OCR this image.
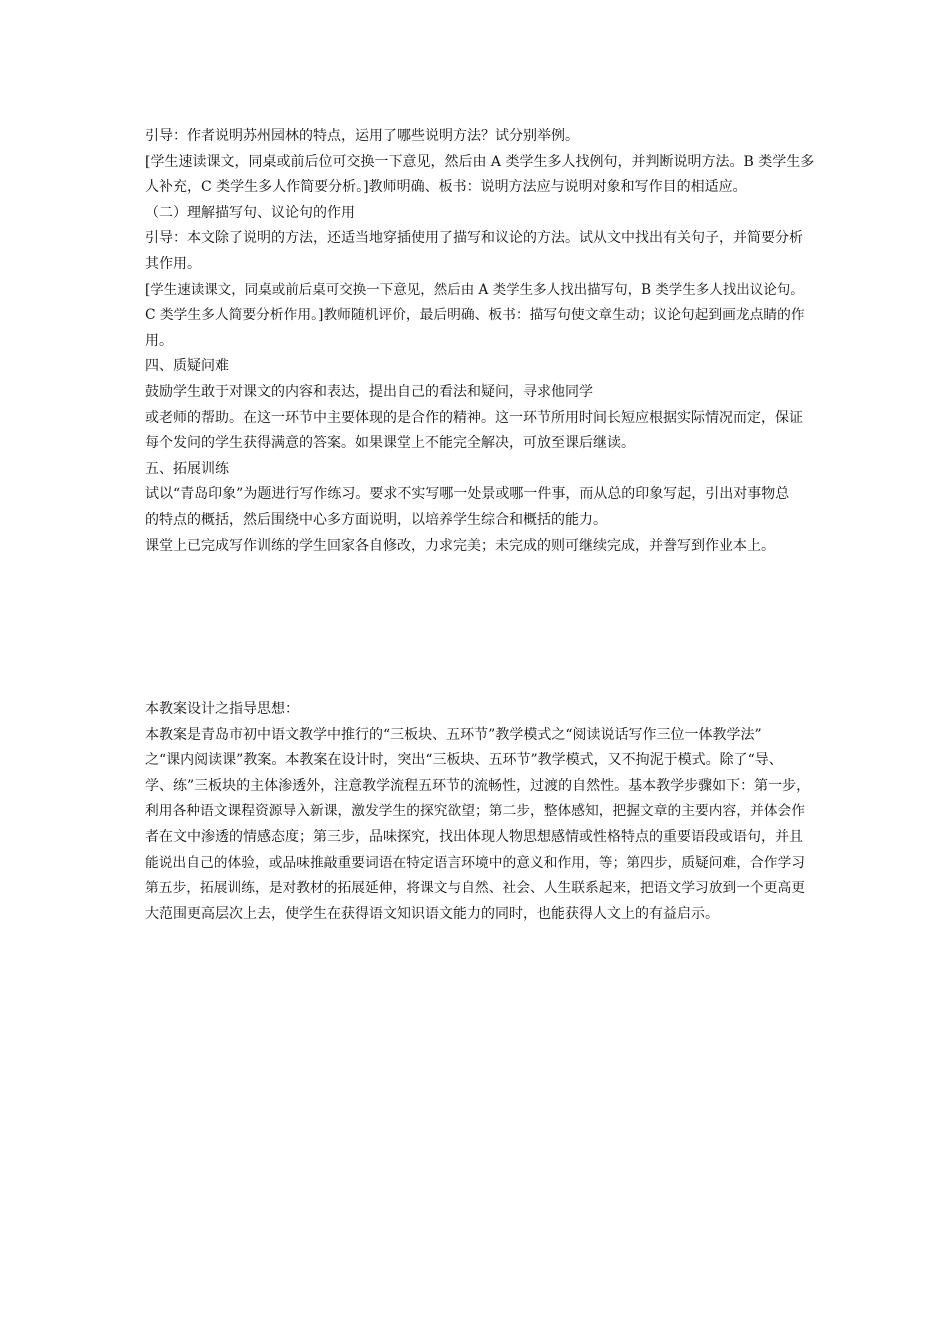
引导：作者说明苏州园林的特点，运用了哪些说明方法？试分别举例。
[学生速读课文，同桌或前后位可交换一下意见，然后由 A 类学生多人找例句，并判断说明方法。B 类学生多
人补充，C 类学生多人作简要分析。]教师明确、板书：说明方法应与说明对象和写作目的相适应。
（二）理解描写句、议论句的作用
引导：本文除了说明的方法，还适当地穿插使用了描写和议论的方法。试从文中找出有关句子，并简要分析
其作用。
[学生速读课文，同桌或前后桌可交换一下意见，然后由 A 类学生多人找出描写句，B 类学生多人找出议论句。
C 类学生多人简要分析作用。]教师随机评价，最后明确、板书：描写句使文章生动；议论句起到画龙点睛的作
用。
四、质疑问难
鼓励学生敢于对课文的内容和表达，提出自己的看法和疑问，寻求他同学
或老师的帮助。在这一环节中主要体现的是合作的精神。这一环节所用时间长短应根据实际情况而定，保证
每个发问的学生获得满意的答案。如果课堂上不能完全解决，可放至课后继读。
五、拓展训练
试以“青岛印象”为题进行写作练习。要求不实写哪一处景或哪一件事，而从总的印象写起，引出对事物总
的特点的概括，然后围绕中心多方面说明，以培养学生综合和概括的能力。
课堂上已完成写作训练的学生回家各自修改，力求完美；未完成的则可继续完成，并誊写到作业本上。
本教案设计之指导思想：
本教案是青岛市初中语文教学中推行的“三板块、五环节”教学模式之“阅读说话写作三位一体教学法”
之“课内阅读课”教案。本教案在设计时，突出“三板块、五环节”教学模式，又不拘泥于模式。除了“导、
学、练”三板块的主体渗透外，注意教学流程五环节的流畅性，过渡的自然性。基本教学步骤如下：第一步，
利用各种语文课程资源导入新课，激发学生的探究欲望；第二步，整体感知，把握文章的主要内容，并体会作
者在文中渗透的情感态度；第三步，品味探究，找出体现人物思想感情或性格特点的重要语段或语句，并且
能说出自己的体验，或品味推敲重要词语在特定语言环境中的意义和作用，等；第四步，质疑问难，合作学习
第五步，拓展训练，是对教材的拓展延伸，将课文与自然、社会、人生联系起来，把语文学习放到一个更高更
大范围更高层次上去，使学生在获得语文知识语文能力的同时，也能获得人文上的有益启示。
